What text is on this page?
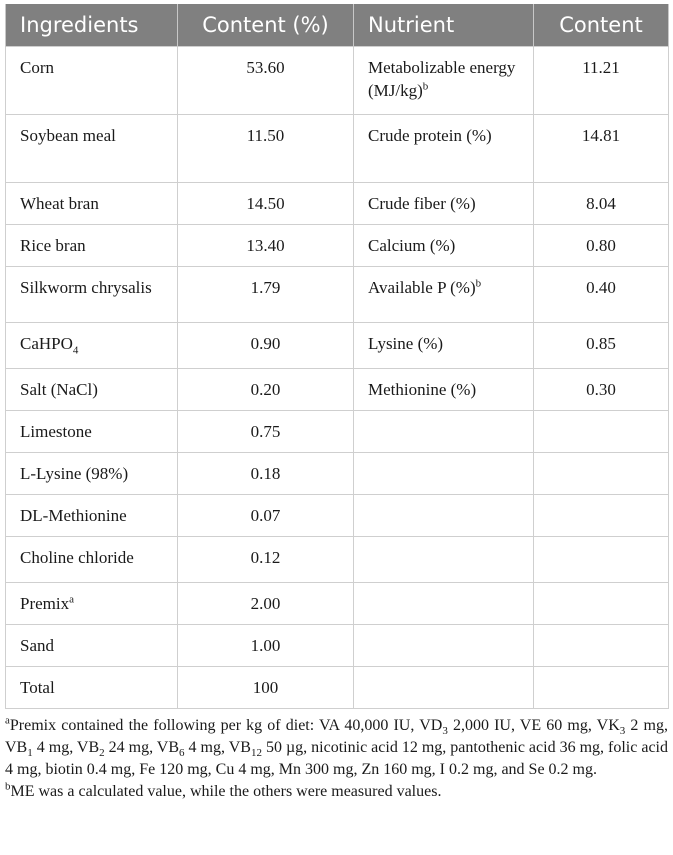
Ingredients	Content (%)	Nutrient	Content
Corn	53.60	Metabolizable energy $(MJ/kg)^b$	11.21
Soybean meal	11.50	Crude protein (%)	14.81
Wheat bran	14.50	Crude fiber (%)	8.04
Rice bran	13.40	Calcium (%)	0.80
Silkworm chrysalis	1.79	Available P (%)$^b$	0.40
CaHPO$_4$	0.90	Lysine (%)	0.85
Salt (NaCl)	0.20	Methionine (%)	0.30
Limestone	0.75		
L-Lysine (98%)	0.18		
DL-Methionine	0.07		
Choline chloride	0.12		
Premix$^a$	2.00		
Sand	1.00		
Total	100		

$^a$Premix contained the following per kg of diet: VA 40,000 IU, $VD_3$ 2,000 IU, VE 60 mg, $VK_3$ 2 mg, $VB_1$ 4 mg, $VB_2$ 24 mg, $VB_6$ 4 mg, $VB_{12}$ 50 µg, nicotinic acid 12 mg, pantothenic acid 36 mg, folic acid 4 mg, biotin 0.4 mg, Fe 120 mg, Cu 4 mg, Mn 300 mg, Zn 160 mg, I 0.2 mg, and Se 0.2 mg.

$^b$ME was a calculated value, while the others were measured values.
